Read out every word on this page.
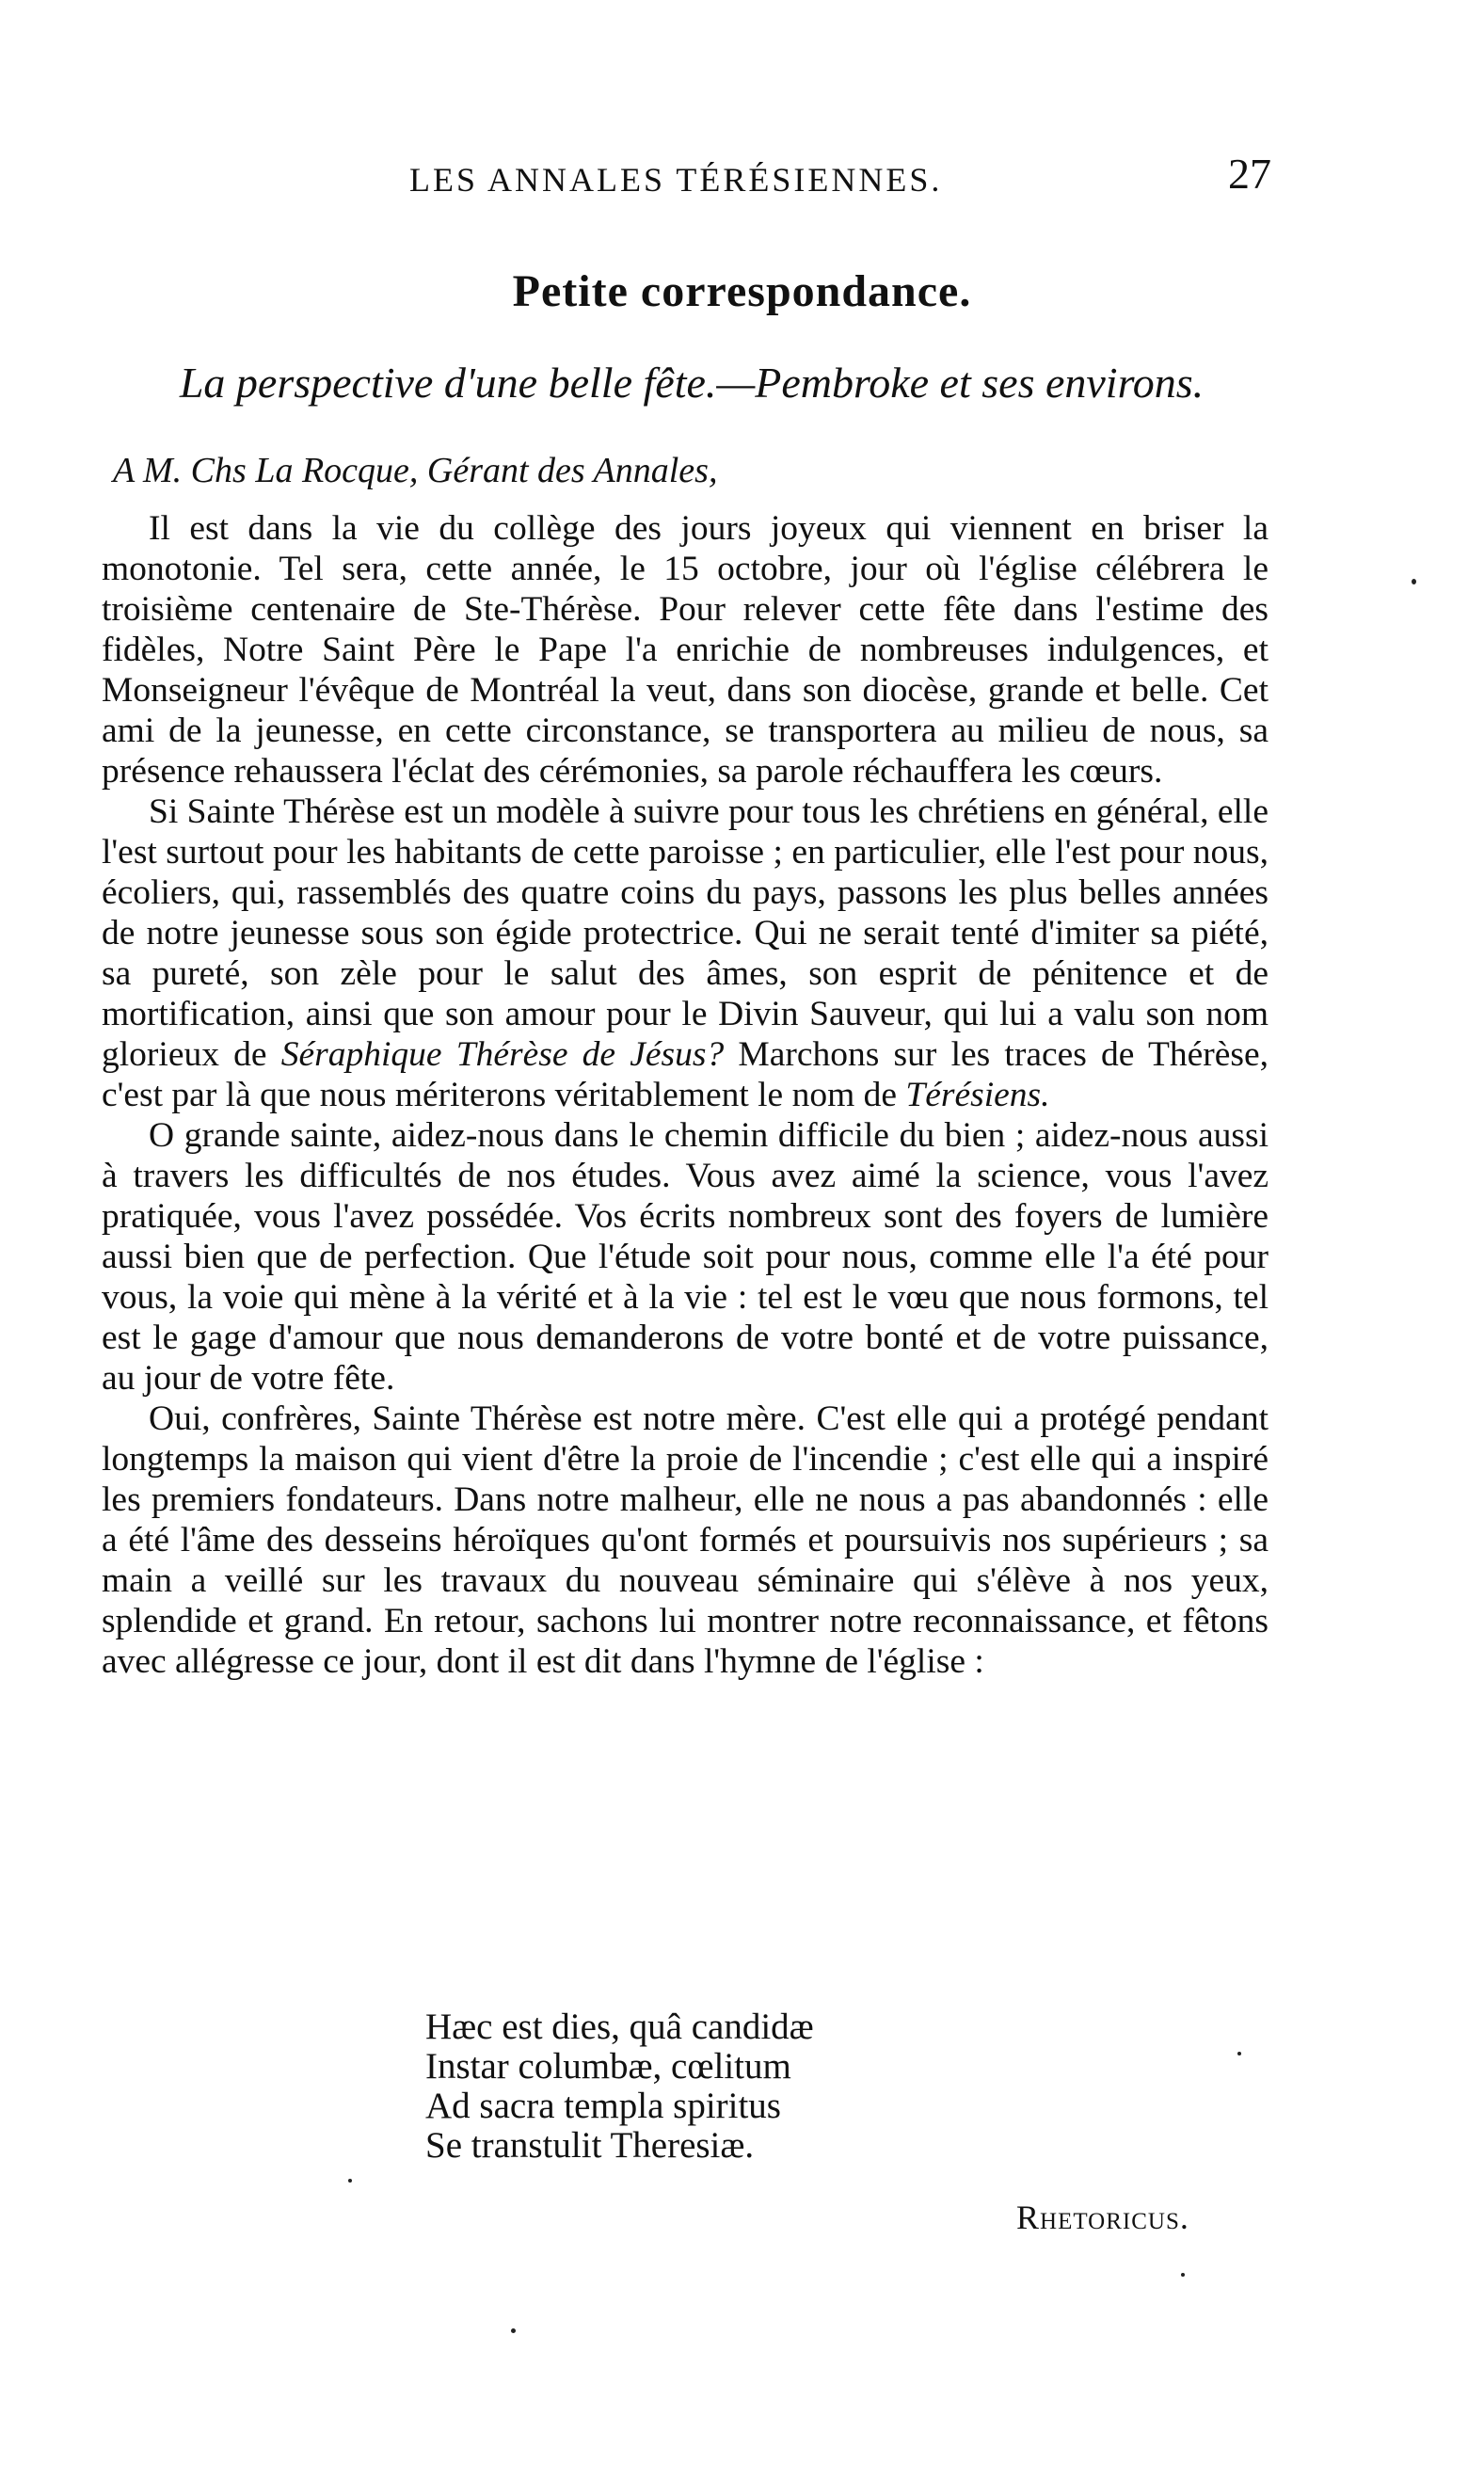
LES ANNALES TÉRÉSIENNES.	27
Petite correspondance.
La perspective d'une belle fête.—Pembroke et ses environs.
A M. Chs La Rocque, Gérant des Annales,

Il est dans la vie du collège des jours joyeux qui viennent en briser la monotonie. Tel sera, cette année, le 15 octobre, jour où l'église célébrera le troisième centenaire de Ste-Thérèse. Pour relever cette fête dans l'estime des fidèles, Notre Saint Père le Pape l'a enrichie de nombreuses indulgences, et Monseigneur l'évêque de Montréal la veut, dans son diocèse, grande et belle. Cet ami de la jeunesse, en cette circonstance, se transportera au milieu de nous, sa présence rehaussera l'éclat des cérémonies, sa parole réchauffera les cœurs.

Si Sainte Thérèse est un modèle à suivre pour tous les chrétiens en général, elle l'est surtout pour les habitants de cette paroisse ; en particulier, elle l'est pour nous, écoliers, qui, rassemblés des quatre coins du pays, passons les plus belles années de notre jeunesse sous son égide protectrice. Qui ne serait tenté d'imiter sa piété, sa pureté, son zèle pour le salut des âmes, son esprit de pénitence et de mortification, ainsi que son amour pour le Divin Sauveur, qui lui a valu son nom glorieux de Séraphique Thérèse de Jésus? Marchons sur les traces de Thérèse, c'est par là que nous mériterons véritablement le nom de Térésiens.

O grande sainte, aidez-nous dans le chemin difficile du bien ; aidez-nous aussi à travers les difficultés de nos études. Vous avez aimé la science, vous l'avez pratiquée, vous l'avez possédée. Vos écrits nombreux sont des foyers de lumière aussi bien que de perfection. Que l'étude soit pour nous, comme elle l'a été pour vous, la voie qui mène à la vérité et à la vie : tel est le vœu que nous formons, tel est le gage d'amour que nous demanderons de votre bonté et de votre puissance, au jour de votre fête.

Oui, confrères, Sainte Thérèse est notre mère. C'est elle qui a protégé pendant longtemps la maison qui vient d'être la proie de l'incendie ; c'est elle qui a inspiré les premiers fondateurs. Dans notre malheur, elle ne nous a pas abandonnés : elle a été l'âme des desseins héroïques qu'ont formés et poursuivis nos supérieurs ; sa main a veillé sur les travaux du nouveau séminaire qui s'élève à nos yeux, splendide et grand. En retour, sachons lui montrer notre reconnaissance, et fêtons avec allégresse ce jour, dont il est dit dans l'hymne de l'église :

Hæc est dies, quâ candidæ
Instar columbæ, cœlitum
Ad sacra templa spiritus
Se transtulit Theresiæ.
Rhetoricus.
